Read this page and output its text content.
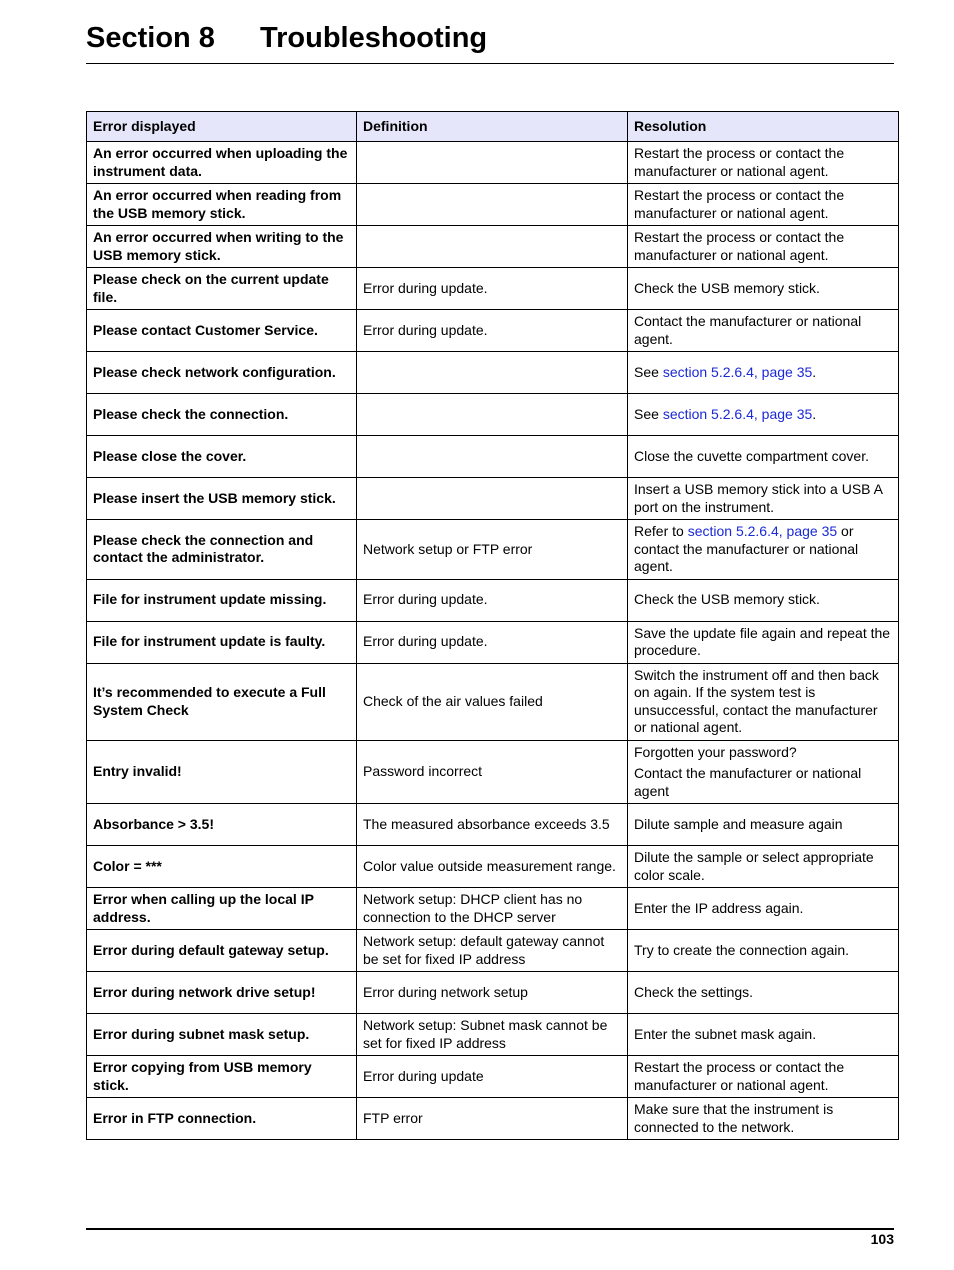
Section 8 Troubleshooting
Error displayed	Definition	Resolution
An error occurred when uploading the instrument data.		Restart the process or contact the manufacturer or national agent.

An error occurred when reading from the USB memory stick.		Restart the process or contact the manufacturer or national agent.

An error occurred when writing to the USB memory stick.		Restart the process or contact the manufacturer or national agent.

Please check on the current update file.	Error during update.	Check the USB memory stick.

Please contact Customer Service.	Error during update.	Contact the manufacturer or national agent.

Please check network configuration.		See section 5.2.6.4, page 35.
Please check the connection.		See section 5.2.6.4, page 35.
Please close the cover.		Close the cuvette compartment cover.

Please insert the USB memory stick.		Insert a USB memory stick into a USB A port on the instrument.

Please check the connection and contact the administrator.	Network setup or FTP error	Refer to section 5.2.6.4, page 35 or contact the manufacturer or national agent.
File for instrument update missing.	Error during update.	Check the USB memory stick.

File for instrument update is faulty.	Error during update.	Save the update file again and repeat the procedure.

It’s recommended to execute a Full System Check	Check of the air values failed	Switch the instrument off and then back on again. If the system test is unsuccessful, contact the manufacturer or national agent.

Entry invalid!	Password incorrect	Forgotten your password?
Contact the manufacturer or national agent

Absorbance > 3.5!	The measured absorbance exceeds 3.5	Dilute sample and measure again

Color = ***	Color value outside measurement range.	Dilute the sample or select appropriate color scale.

Error when calling up the local IP address.	Network setup: DHCP client has no connection to the DHCP server	Enter the IP address again.

Error during default gateway setup.	Network setup: default gateway cannot be set for fixed IP address	Try to create the connection again.

Error during network drive setup!	Error during network setup	Check the settings.

Error during subnet mask setup.	Network setup: Subnet mask cannot be set for fixed IP address	Enter the subnet mask again.

Error copying from USB memory stick.	Error during update	Restart the process or contact the manufacturer or national agent.

Error in FTP connection.	FTP error	Make sure that the instrument is connected to the network.
103
